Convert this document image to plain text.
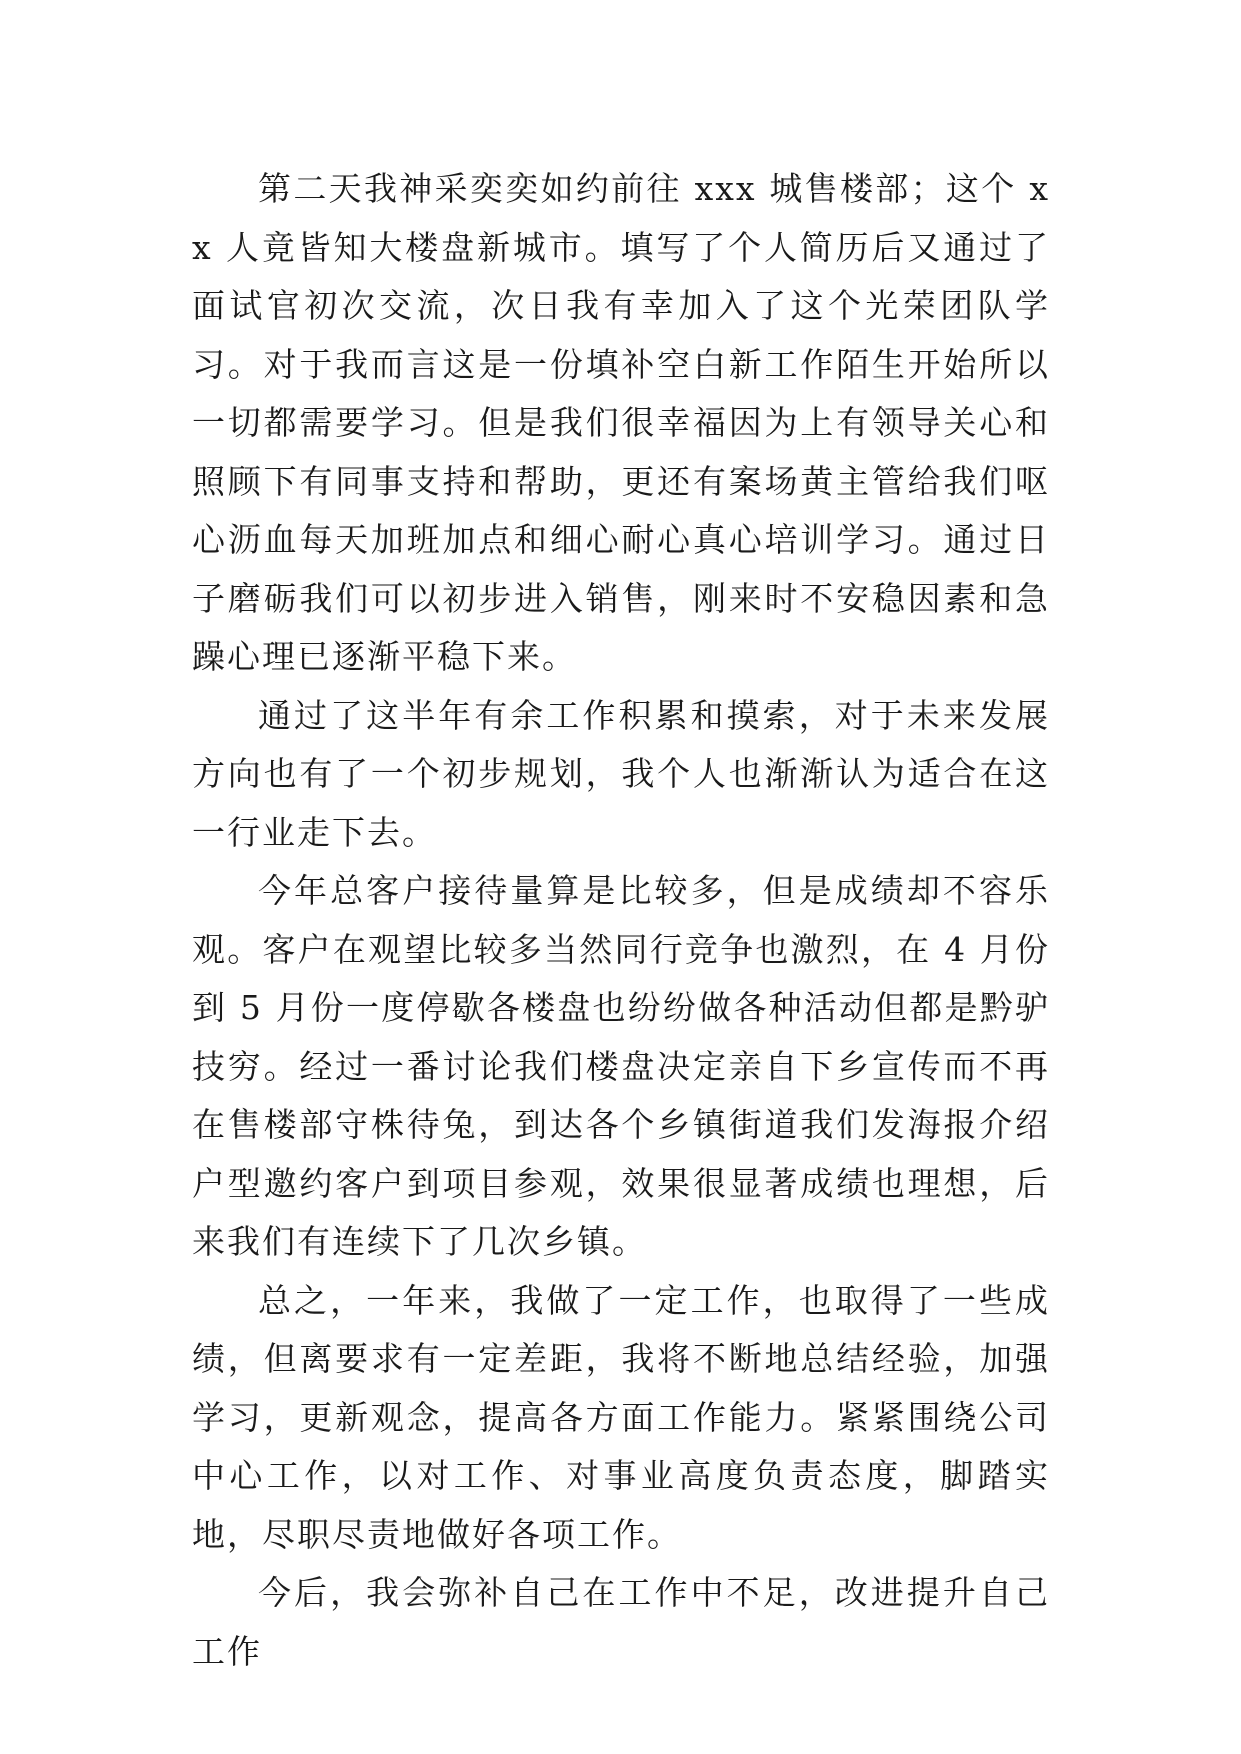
第二天我神采奕奕如约前往 xxx 城售楼部；这个 xx 人竟皆知大楼盘新城市。填写了个人简历后又通过了 面试官初次交流，次日我有幸加入了这个光荣团队学习。对于我而言这是一份填补空白新工作陌生开始所以一切都需要学习。但是我们很幸福因为上有领导关心和照顾下有同事支持和帮助，更还有案场黄主管给我们呕心沥血每天加班加点和细心耐心真心培训学习。通过日子磨砺我们可以初步进入销售，刚来时不安稳因素和急躁心理已逐渐平稳下来。

通过了这半年有余工作积累和摸索，对于未来发展方向也有了一个初步规划，我个人也渐渐认为适合在这一行业走下去。

今年总客户接待量算是比较多，但是成绩却不容乐观。客户在观望比较多当然同行竞争也激烈，在 4 月份到 5 月份一度停歇各楼盘也纷纷做各种活动但都是黔驴技穷。经过一番讨论我们楼盘决定亲自下乡宣传而不再在售楼部守株待兔，到达各个乡镇街道我们发海报介绍户型邀约客户到项目参观，效果很显著成绩也理想，后来我们有连续下了几次乡镇。

总之，一年来，我做了一定工作，也取得了一些成绩，但离要求有一定差距，我将不断地总结经验，加强学习，更新观念，提高各方面工作能力。紧紧围绕公司中心工作，以对工作、对事业高度负责态度，脚踏实地，尽职尽责地做好各项工作。

今后，我会弥补自己在工作中不足，改进提升自己工作
